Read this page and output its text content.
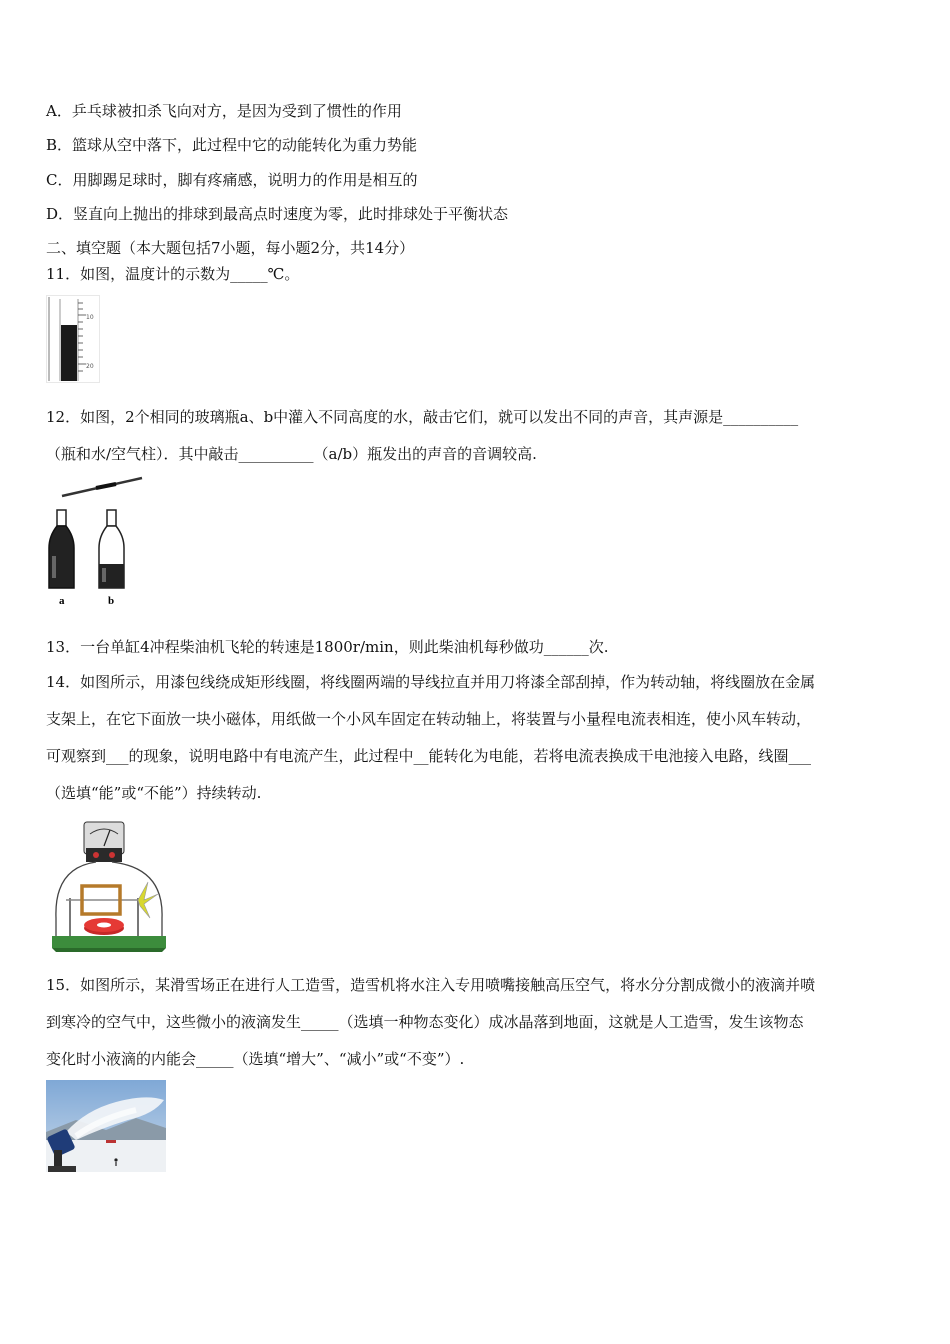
A．乒乓球被扣杀飞向对方，是因为受到了惯性的作用
B．篮球从空中落下，此过程中它的动能转化为重力势能
C．用脚踢足球时，脚有疼痛感，说明力的作用是相互的
D．竖直向上抛出的排球到最高点时速度为零，此时排球处于平衡状态
二、填空题（本大题包括7小题，每小题2分，共14分）
11．如图，温度计的示数为_____℃。
10
20
12．如图，2个相同的玻璃瓶a、b中灌入不同高度的水，敲击它们，就可以发出不同的声音，其声源是__________
（瓶和水/空气柱）．其中敲击__________（a/b）瓶发出的声音的音调较高.
a	b
13．一台单缸4冲程柴油机飞轮的转速是1800r/min，则此柴油机每秒做功______次.
14．如图所示，用漆包线绕成矩形线圈，将线圈两端的导线拉直并用刀将漆全部刮掉，作为转动轴，将线圈放在金属
支架上，在它下面放一块小磁体，用纸做一个小风车固定在转动轴上，将装置与小量程电流表相连，使小风车转动，
可观察到___的现象，说明电路中有电流产生，此过程中__能转化为电能，若将电流表换成干电池接入电路，线圈___
（选填“能”或“不能”）持续转动.
15．如图所示，某滑雪场正在进行人工造雪，造雪机将水注入专用喷嘴接触高压空气，将水分分割成微小的液滴并喷
到寒冷的空气中，这些微小的液滴发生_____（选填一种物态变化）成冰晶落到地面，这就是人工造雪，发生该物态
变化时小液滴的内能会_____（选填“增大”、“减小”或“不变”）.
